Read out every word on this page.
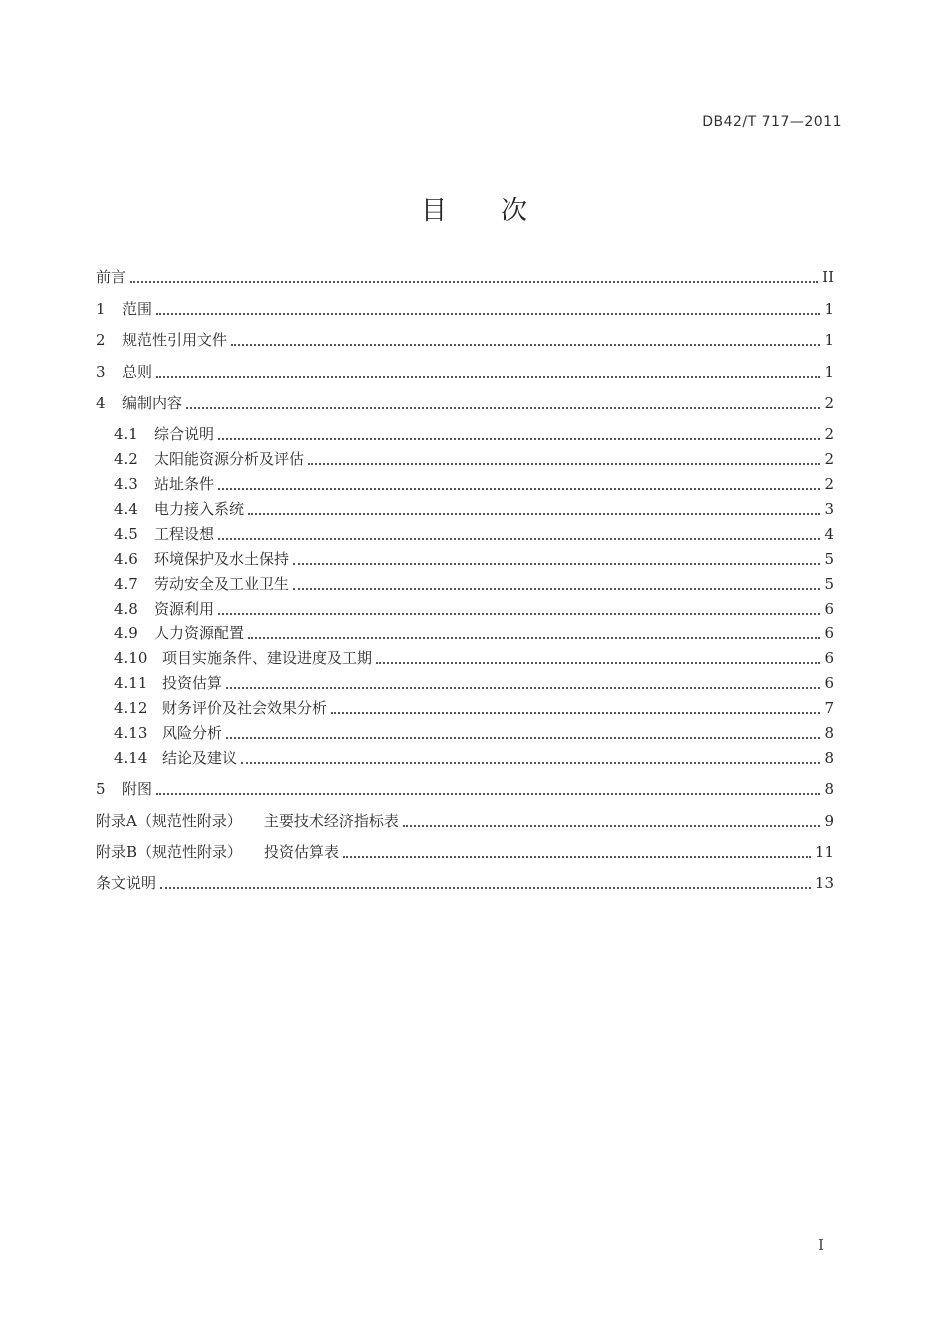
DB42/T 717—2011
目 次
前言	II
1	范围	1
2	规范性引用文件	1
3	总则	1
4	编制内容	2
4.1	综合说明	2
4.2	太阳能资源分析及评估	2
4.3	站址条件	2
4.4	电力接入系统	3
4.5	工程设想	4
4.6	环境保护及水土保持	5
4.7	劳动安全及工业卫生	5
4.8	资源利用	6
4.9	人力资源配置	6
4.10 项目实施条件、建设进度及工期	6
4.11 投资估算	6
4.12 财务评价及社会效果分析	7
4.13 风险分析	8
4.14 结论及建议	8
5	附图	8
附录A（规范性附录） 主要技术经济指标表	9
附录B（规范性附录） 投资估算表	11
条文说明	13
I
